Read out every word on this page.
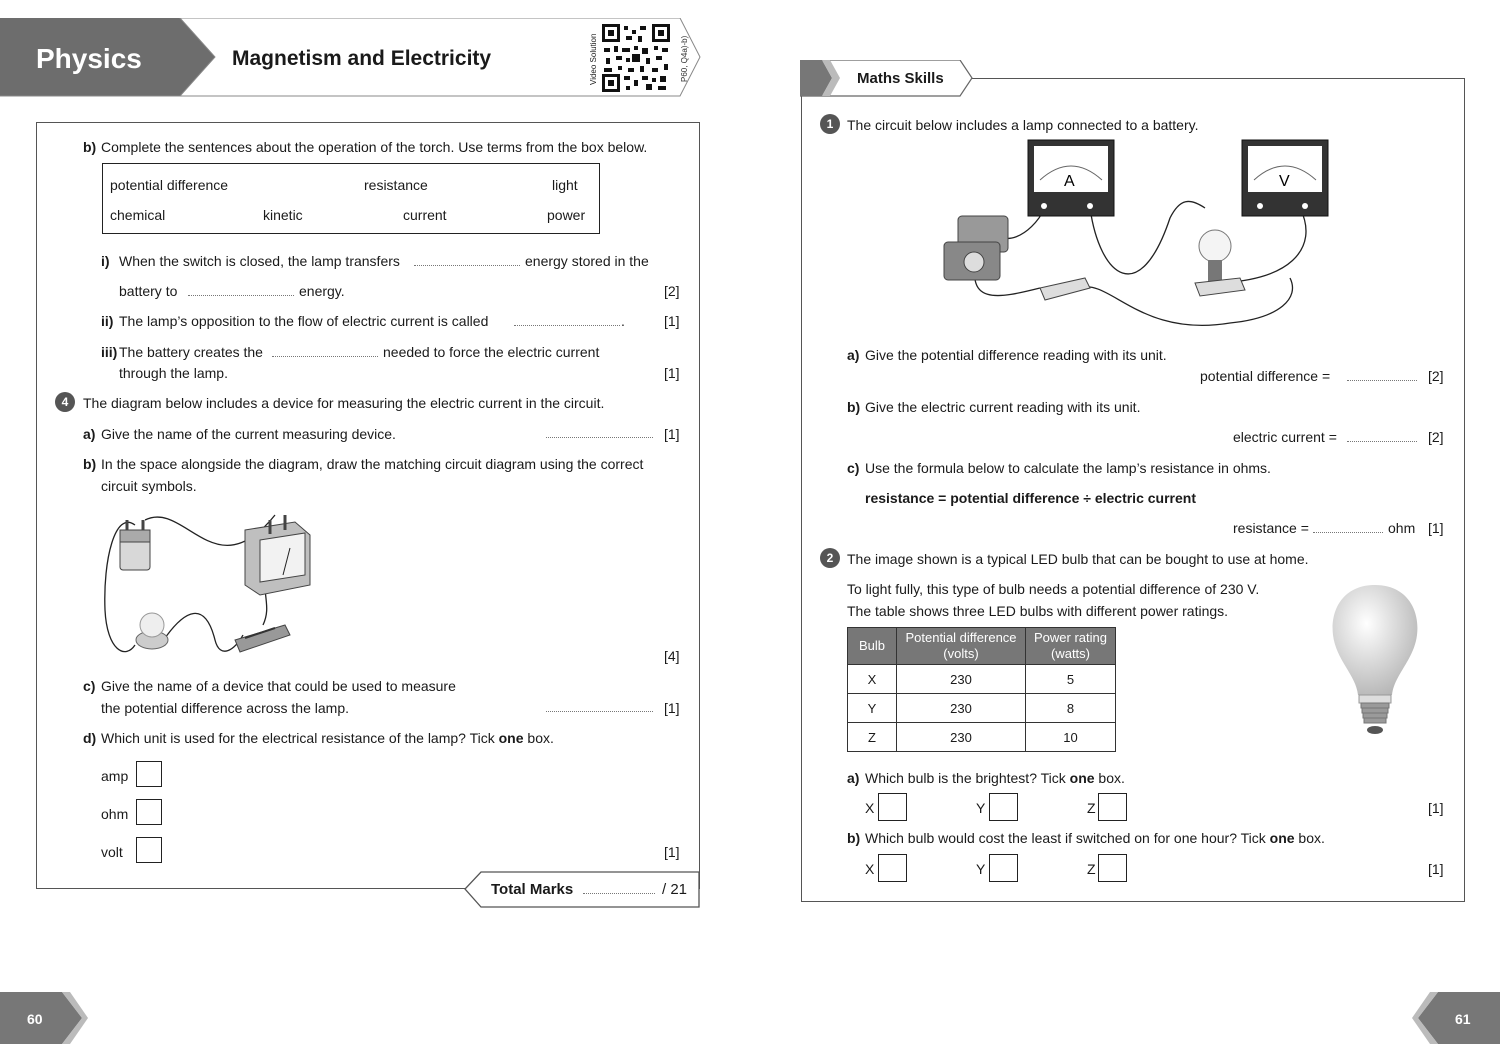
Physics	Magnetism and Electricity	Video Solution	P60, Q4a)-b)
b) Complete the sentences about the operation of the torch. Use terms from the box below.
potential difference	resistance	light
chemical	kinetic	current	power
i) When the switch is closed, the lamp transfers	energy stored in the
battery to	energy.	[2]
ii) The lamp’s opposition to the flow of electric current is called	.	[1]
iii) The battery creates the	needed to force the electric current
through the lamp.	[1]
4	The diagram below includes a device for measuring the electric current in the circuit.
a) Give the name of the current measuring device.	[1]
b) In the space alongside the diagram, draw the matching circuit diagram using the correct
circuit symbols.
[4]
c) Give the name of a device that could be used to measure
the potential difference across the lamp.	[1]
d) Which unit is used for the electrical resistance of the lamp? Tick one box.
amp
ohm
volt	[1]
Total Marks	/ 21
Maths Skills
1 The circuit below includes a lamp connected to a battery.
A	V
a) Give the potential difference reading with its unit.
potential difference =	[2]
b) Give the electric current reading with its unit.
electric current =	[2]
c) Use the formula below to calculate the lamp’s resistance in ohms.
resistance = potential difference ÷ electric current
resistance =	ohm [1]
2 The image shown is a typical LED bulb that can be bought to use at home.
To light fully, this type of bulb needs a potential difference of 230 V.
The table shows three LED bulbs with different power ratings.
Bulb	Potential difference (volts)	Power rating (watts)
X	230	5
Y	230	8
Z	230	10
a) Which bulb is the brightest? Tick one box.
X	Y	Z	[1]
b) Which bulb would cost the least if switched on for one hour? Tick one box.
X	Y	Z	[1]
60	61
